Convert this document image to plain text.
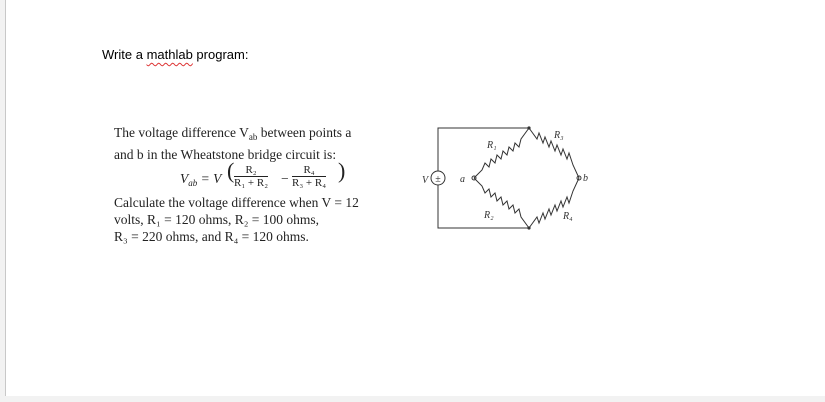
Write a mathlab program:
The voltage difference $V_{ab}$ between points a
and b in the Wheatstone bridge circuit is:
$V_{ab} = V$ ( $\frac{\text{R₂}}{\text{R₁ + R₂}} - \frac{\text{R₄}}{\text{R₃ + R₄}}$ )
Calculate the voltage difference when V = 12
volts, R₁ = 120 ohms, R₂ = 100 ohms,
R₃ = 220 ohms, and R₄ = 120 ohms.
±
V	a	b
R₁
R₃
R₂	R₄
